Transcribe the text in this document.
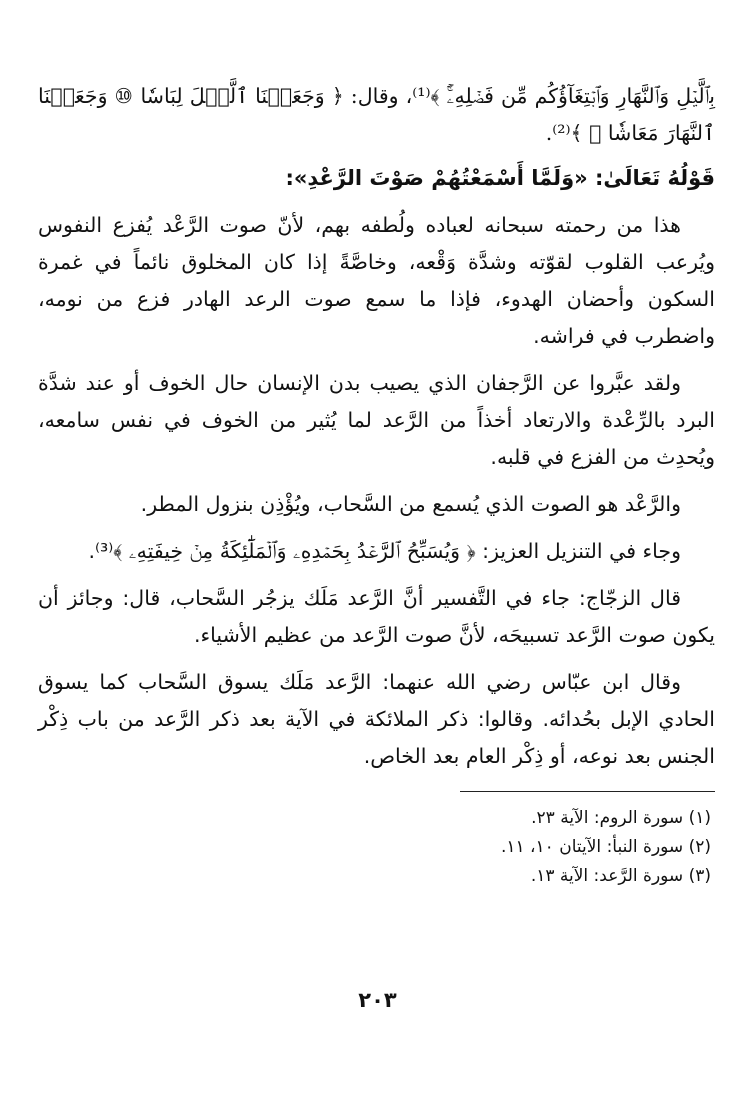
بِٱلَّيۡلِ وَٱلنَّهَارِ وَٱبۡتِغَآؤُكُم مِّن فَضۡلِهِۦٓۚ ﴾⁽¹⁾، وقال: ﴿ وَجَعَلۡنَا ٱلَّيۡلَ لِبَاسٗا ⑩ وَجَعَلۡنَا ٱلنَّهَارَ مَعَاشٗا ⑪ ﴾⁽²⁾.

قَوْلُهُ تَعَالَىٰ: «وَلَمَّا أَسْمَعْتُهُمْ صَوْتَ الرَّعْدِ»:

هذا من رحمته سبحانه لعباده ولُطفه بهم، لأنّ صوت الرَّعْد يُفزع النفوس ويُرعب القلوب لقوّته وشدَّة وَقْعه، وخاصَّةً إذا كان المخلوق نائماً في غمرة السكون وأحضان الهدوء، فإذا ما سمع صوت الرعد الهادر فزع من نومه، واضطرب في فراشه.

ولقد عبَّروا عن الرَّجفان الذي يصيب بدن الإنسان حال الخوف أو عند شدَّة البرد بالرِّعْدة والارتعاد أخذاً من الرَّعد لما يُثير من الخوف في نفس سامعه، ويُحدِث من الفزع في قلبه.

والرَّعْد هو الصوت الذي يُسمع من السَّحاب، ويُؤْذِن بنزول المطر.

وجاء في التنزيل العزيز: ﴿ وَيُسَبِّحُ ٱلرَّعۡدُ بِحَمۡدِهِۦ وَٱلۡمَلَٰٓئِكَةُ مِنۡ خِيفَتِهِۦ ﴾⁽³⁾.

قال الزجّاج: جاء في التَّفسير أنَّ الرَّعد مَلَك يزجُر السَّحاب، قال: وجائز أن يكون صوت الرَّعد تسبيحَه، لأنَّ صوت الرَّعد من عظيم الأشياء.

وقال ابن عبّاس رضي الله عنهما: الرَّعد مَلَك يسوق السَّحاب كما يسوق الحادي الإبل بحُدائه. وقالوا: ذكر الملائكة في الآية بعد ذكر الرَّعد من باب ذِكْر الجنس بعد نوعه، أو ذِكْر العام بعد الخاص.

(١) سورة الروم: الآية ٢٣.

(٢) سورة النبأ: الآيتان ١٠، ١١.

(٣) سورة الرَّعد: الآية ١٣.

٢٠٣
